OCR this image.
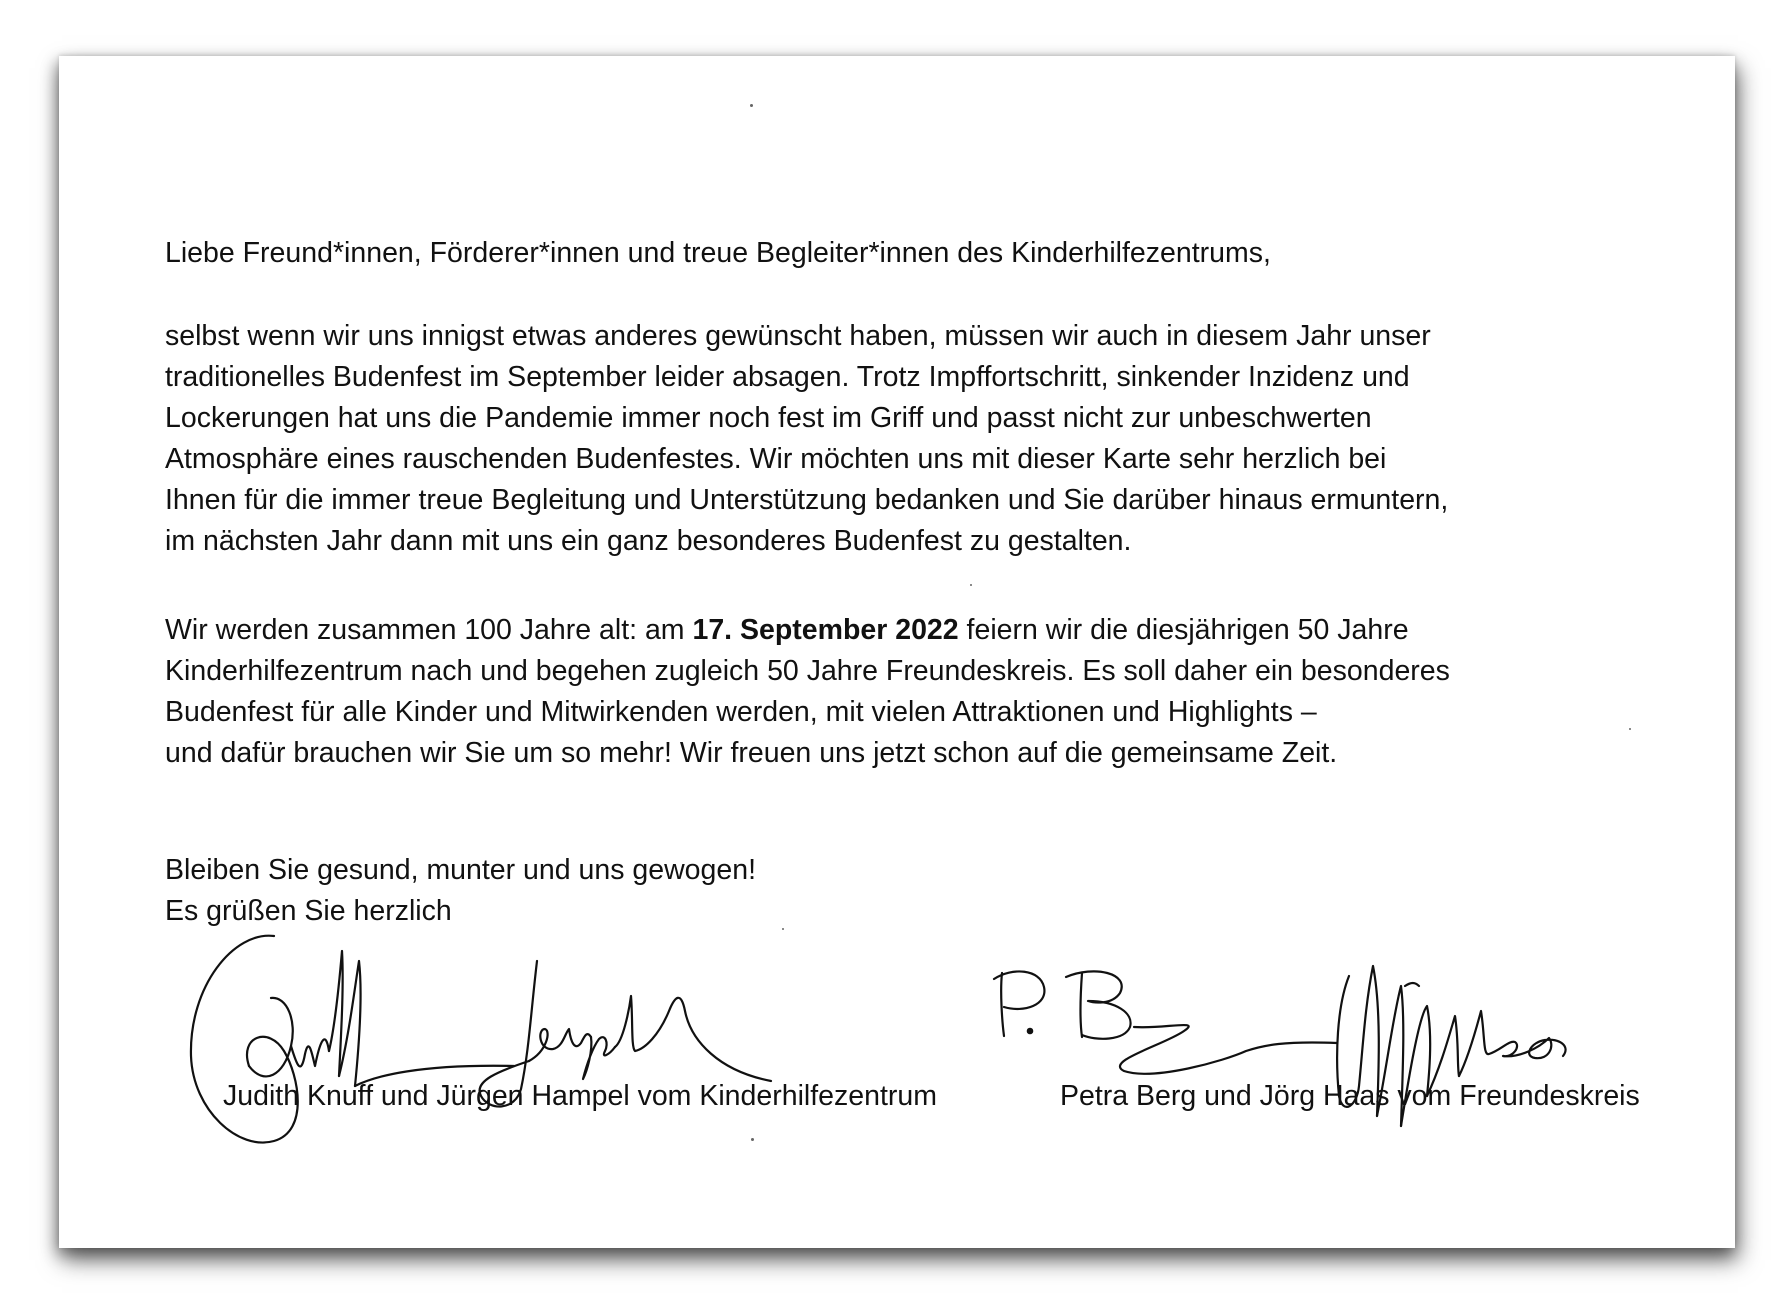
Liebe Freund*innen, Förderer*innen und treue Begleiter*innen des Kinderhilfezentrums,

selbst wenn wir uns innigst etwas anderes gewünscht haben, müssen wir auch in diesem Jahr unser
traditionelles Budenfest im September leider absagen. Trotz Impffortschritt, sinkender Inzidenz und
Lockerungen hat uns die Pandemie immer noch fest im Griff und passt nicht zur unbeschwerten
Atmosphäre eines rauschenden Budenfestes. Wir möchten uns mit dieser Karte sehr herzlich bei
Ihnen für die immer treue Begleitung und Unterstützung bedanken und Sie darüber hinaus ermuntern,
im nächsten Jahr dann mit uns ein ganz besonderes Budenfest zu gestalten.
Wir werden zusammen 100 Jahre alt: am 17. September 2022 feiern wir die diesjährigen 50 Jahre
Kinderhilfezentrum nach und begehen zugleich 50 Jahre Freundeskreis. Es soll daher ein besonderes
Budenfest für alle Kinder und Mitwirkenden werden, mit vielen Attraktionen und Highlights –
und dafür brauchen wir Sie um so mehr! Wir freuen uns jetzt schon auf die gemeinsame Zeit.
Bleiben Sie gesund, munter und uns gewogen!
Es grüßen Sie herzlich
Judith Knuff und Jürgen Hampel vom Kinderhilfezentrum	Petra Berg und Jörg Haas vom Freundeskreis
